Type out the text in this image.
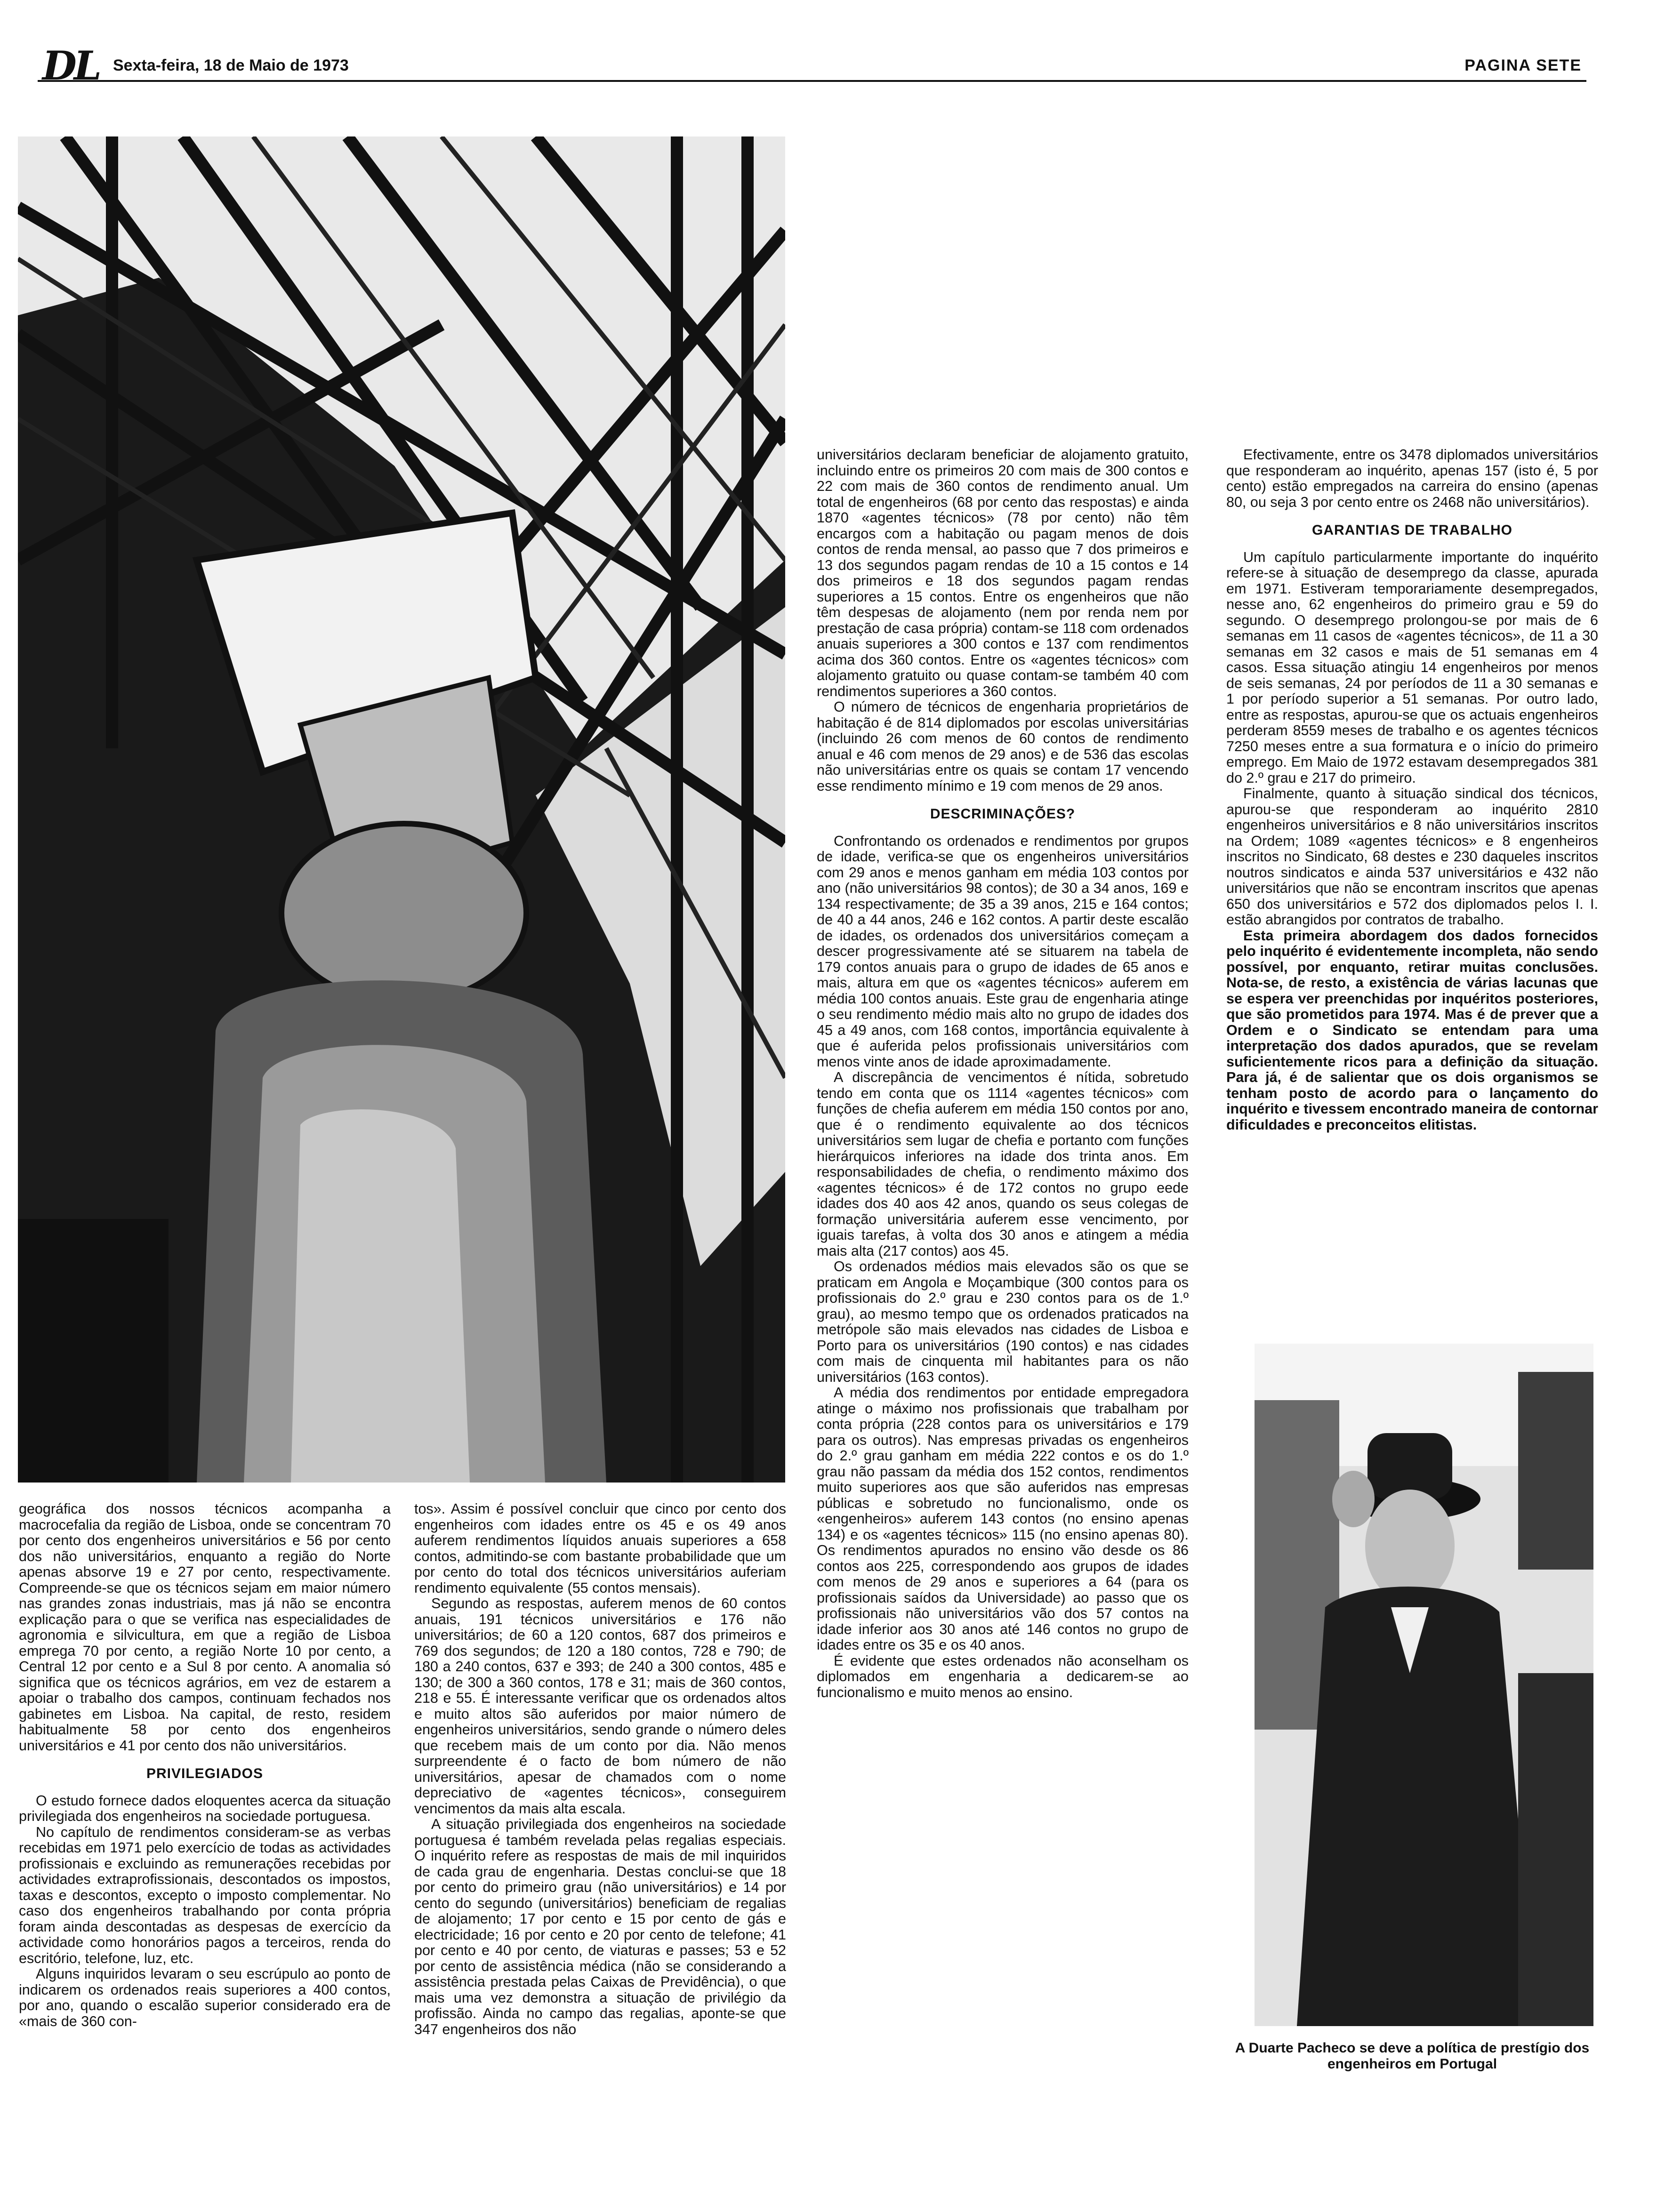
DL Sexta-feira, 18 de Maio de 1973	PAGINA SETE

geográfica dos nossos técnicos acompanha a macrocefalia da região de Lisboa, onde se concentram 70 por cento dos engenheiros universitários e 56 por cento dos não universitários, enquanto a região do Norte apenas absorve 19 e 27 por cento, respectivamente. Compreende-se que os técnicos sejam em maior número nas grandes zonas industriais, mas já não se encontra explicação para o que se verifica nas especialidades de agronomia e silvicultura, em que a região de Lisboa emprega 70 por cento, a região Norte 10 por cento, a Central 12 por cento e a Sul 8 por cento. A anomalia só significa que os técnicos agrários, em vez de estarem a apoiar o trabalho dos campos, continuam fechados nos gabinetes em Lisboa. Na capital, de resto, residem habitualmente 58 por cento dos engenheiros universitários e 41 por cento dos não universitários.

PRIVILEGIADOS

O estudo fornece dados eloquentes acerca da situação privilegiada dos engenheiros na sociedade portuguesa.

No capítulo de rendimentos consideram-se as verbas recebidas em 1971 pelo exercício de todas as actividades profissionais e excluindo as remunerações recebidas por actividades extraprofissionais, descontados os impostos, taxas e descontos, excepto o imposto complementar. No caso dos engenheiros trabalhando por conta própria foram ainda descontadas as despesas de exercício da actividade como honorários pagos a terceiros, renda do escritório, telefone, luz, etc.

Alguns inquiridos levaram o seu escrúpulo ao ponto de indicarem os ordenados reais superiores a 400 contos, por ano, quando o escalão superior considerado era de «mais de 360 con-

tos». Assim é possível concluir que cinco por cento dos engenheiros com idades entre os 45 e os 49 anos auferem rendimentos líquidos anuais superiores a 658 contos, admitindo-se com bastante probabilidade que um por cento do total dos técnicos universitários auferiam rendimento equivalente (55 contos mensais).

Segundo as respostas, auferem menos de 60 contos anuais, 191 técnicos universitários e 176 não universitários; de 60 a 120 contos, 687 dos primeiros e 769 dos segundos; de 120 a 180 contos, 728 e 790; de 180 a 240 contos, 637 e 393; de 240 a 300 contos, 485 e 130; de 300 a 360 contos, 178 e 31; mais de 360 contos, 218 e 55. É interessante verificar que os ordenados altos e muito altos são auferidos por maior número de engenheiros universitários, sendo grande o número deles que recebem mais de um conto por dia. Não menos surpreendente é o facto de bom número de não universitários, apesar de chamados com o nome depreciativo de «agentes técnicos», conseguirem vencimentos da mais alta escala.

A situação privilegiada dos engenheiros na sociedade portuguesa é também revelada pelas regalias especiais. O inquérito refere as respostas de mais de mil inquiridos de cada grau de engenharia. Destas conclui-se que 18 por cento do primeiro grau (não universitários) e 14 por cento do segundo (universitários) beneficiam de regalias de alojamento; 17 por cento e 15 por cento de gás e electricidade; 16 por cento e 20 por cento de telefone; 41 por cento e 40 por cento, de viaturas e passes; 53 e 52 por cento de assistência médica (não se considerando a assistência prestada pelas Caixas de Previdência), o que mais uma vez demonstra a situação de privilégio da profissão. Ainda no campo das regalias, aponte-se que 347 engenheiros dos não

universitários declaram beneficiar de alojamento gratuito, incluindo entre os primeiros 20 com mais de 300 contos e 22 com mais de 360 contos de rendimento anual. Um total de engenheiros (68 por cento das respostas) e ainda 1870 «agentes técnicos» (78 por cento) não têm encargos com a habitação ou pagam menos de dois contos de renda mensal, ao passo que 7 dos primeiros e 13 dos segundos pagam rendas de 10 a 15 contos e 14 dos primeiros e 18 dos segundos pagam rendas superiores a 15 contos. Entre os engenheiros que não têm despesas de alojamento (nem por renda nem por prestação de casa própria) contam-se 118 com ordenados anuais superiores a 300 contos e 137 com rendimentos acima dos 360 contos. Entre os «agentes técnicos» com alojamento gratuito ou quase contam-se também 40 com rendimentos superiores a 360 contos.

O número de técnicos de engenharia proprietários de habitação é de 814 diplomados por escolas universitárias (incluindo 26 com menos de 60 contos de rendimento anual e 46 com menos de 29 anos) e de 536 das escolas não universitárias entre os quais se contam 17 vencendo esse rendimento mínimo e 19 com menos de 29 anos.

DESCRIMINAÇÕES?

Confrontando os ordenados e rendimentos por grupos de idade, verifica-se que os engenheiros universitários com 29 anos e menos ganham em média 103 contos por ano (não universitários 98 contos); de 30 a 34 anos, 169 e 134 respectivamente; de 35 a 39 anos, 215 e 164 contos; de 40 a 44 anos, 246 e 162 contos. A partir deste escalão de idades, os ordenados dos universitários começam a descer progressivamente até se situarem na tabela de 179 contos anuais para o grupo de idades de 65 anos e mais, altura em que os «agentes técnicos» auferem em média 100 contos anuais. Este grau de engenharia atinge o seu rendimento médio mais alto no grupo de idades dos 45 a 49 anos, com 168 contos, importância equivalente à que é auferida pelos profissionais universitários com menos vinte anos de idade aproximadamente.

A discrepância de vencimentos é nítida, sobretudo tendo em conta que os 1114 «agentes técnicos» com funções de chefia auferem em média 150 contos por ano, que é o rendimento equivalente ao dos técnicos universitários sem lugar de chefia e portanto com funções hierárquicos inferiores na idade dos trinta anos. Em responsabilidades de chefia, o rendimento máximo dos «agentes técnicos» é de 172 contos no grupo eede idades dos 40 aos 42 anos, quando os seus colegas de formação universitária auferem esse vencimento, por iguais tarefas, à volta dos 30 anos e atingem a média mais alta (217 contos) aos 45.

Os ordenados médios mais elevados são os que se praticam em Angola e Moçambique (300 contos para os profissionais do 2.º grau e 230 contos para os de 1.º grau), ao mesmo tempo que os ordenados praticados na metrópole são mais elevados nas cidades de Lisboa e Porto para os universitários (190 contos) e nas cidades com mais de cinquenta mil habitantes para os não universitários (163 contos).

A média dos rendimentos por entidade empregadora atinge o máximo nos profissionais que trabalham por conta própria (228 contos para os universitários e 179 para os outros). Nas empresas privadas os engenheiros do 2.º grau ganham em média 222 contos e os do 1.º grau não passam da média dos 152 contos, rendimentos muito superiores aos que são auferidos nas empresas públicas e sobretudo no funcionalismo, onde os «engenheiros» auferem 143 contos (no ensino apenas 134) e os «agentes técnicos» 115 (no ensino apenas 80). Os rendimentos apurados no ensino vão desde os 86 contos aos 225, correspondendo aos grupos de idades com menos de 29 anos e superiores a 64 (para os profissionais saídos da Universidade) ao passo que os profissionais não universitários vão dos 57 contos na idade inferior aos 30 anos até 146 contos no grupo de idades entre os 35 e os 40 anos.

É evidente que estes ordenados não aconselham os diplomados em engenharia a dedicarem-se ao funcionalismo e muito menos ao ensino.

Efectivamente, entre os 3478 diplomados universitários que responderam ao inquérito, apenas 157 (isto é, 5 por cento) estão empregados na carreira do ensino (apenas 80, ou seja 3 por cento entre os 2468 não universitários).

GARANTIAS DE TRABALHO

Um capítulo particularmente importante do inquérito refere-se à situação de desemprego da classe, apurada em 1971. Estiveram temporariamente desempregados, nesse ano, 62 engenheiros do primeiro grau e 59 do segundo. O desemprego prolongou-se por mais de 6 semanas em 11 casos de «agentes técnicos», de 11 a 30 semanas em 32 casos e mais de 51 semanas em 4 casos. Essa situação atingiu 14 engenheiros por menos de seis semanas, 24 por períodos de 11 a 30 semanas e 1 por período superior a 51 semanas. Por outro lado, entre as respostas, apurou-se que os actuais engenheiros perderam 8559 meses de trabalho e os agentes técnicos 7250 meses entre a sua formatura e o início do primeiro emprego. Em Maio de 1972 estavam desempregados 381 do 2.º grau e 217 do primeiro.

Finalmente, quanto à situação sindical dos técnicos, apurou-se que responderam ao inquérito 2810 engenheiros universitários e 8 não universitários inscritos na Ordem; 1089 «agentes técnicos» e 8 engenheiros inscritos no Sindicato, 68 destes e 230 daqueles inscritos noutros sindicatos e ainda 537 universitários e 432 não universitários que não se encontram inscritos que apenas 650 dos universitários e 572 dos diplomados pelos I. I. estão abrangidos por contratos de trabalho.

Esta primeira abordagem dos dados fornecidos pelo inquérito é evidentemente incompleta, não sendo possível, por enquanto, retirar muitas conclusões. Nota-se, de resto, a existência de várias lacunas que se espera ver preenchidas por inquéritos posteriores, que são prometidos para 1974. Mas é de prever que a Ordem e o Sindicato se entendam para uma interpretação dos dados apurados, que se revelam suficientemente ricos para a definição da situação. Para já, é de salientar que os dois organismos se tenham posto de acordo para o lançamento do inquérito e tivessem encontrado maneira de contornar dificuldades e preconceitos elitistas.

A Duarte Pacheco se deve a política de prestígio dos engenheiros em Portugal
